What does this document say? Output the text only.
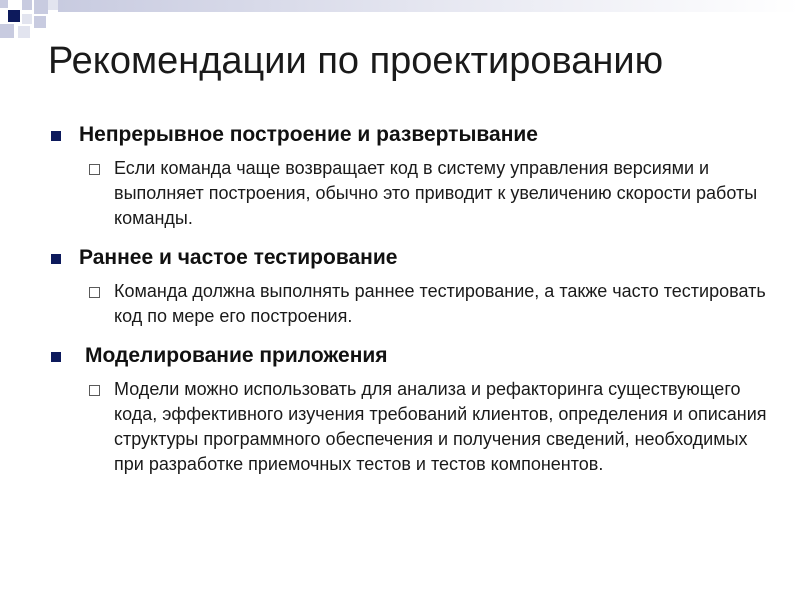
Рекомендации по проектированию
Непрерывное построение и развертывание
Если команда чаще возвращает код в систему управления версиями и выполняет построения, обычно это приводит к увеличению скорости работы команды.
Раннее и частое тестирование
Команда должна выполнять раннее тестирование, а также часто тестировать код по мере его построения.
Моделирование приложения
Модели можно использовать для анализа и рефакторинга существующего кода, эффективного изучения требований клиентов, определения и описания структуры программного обеспечения и получения сведений, необходимых при разработке приемочных тестов и тестов компонентов.
